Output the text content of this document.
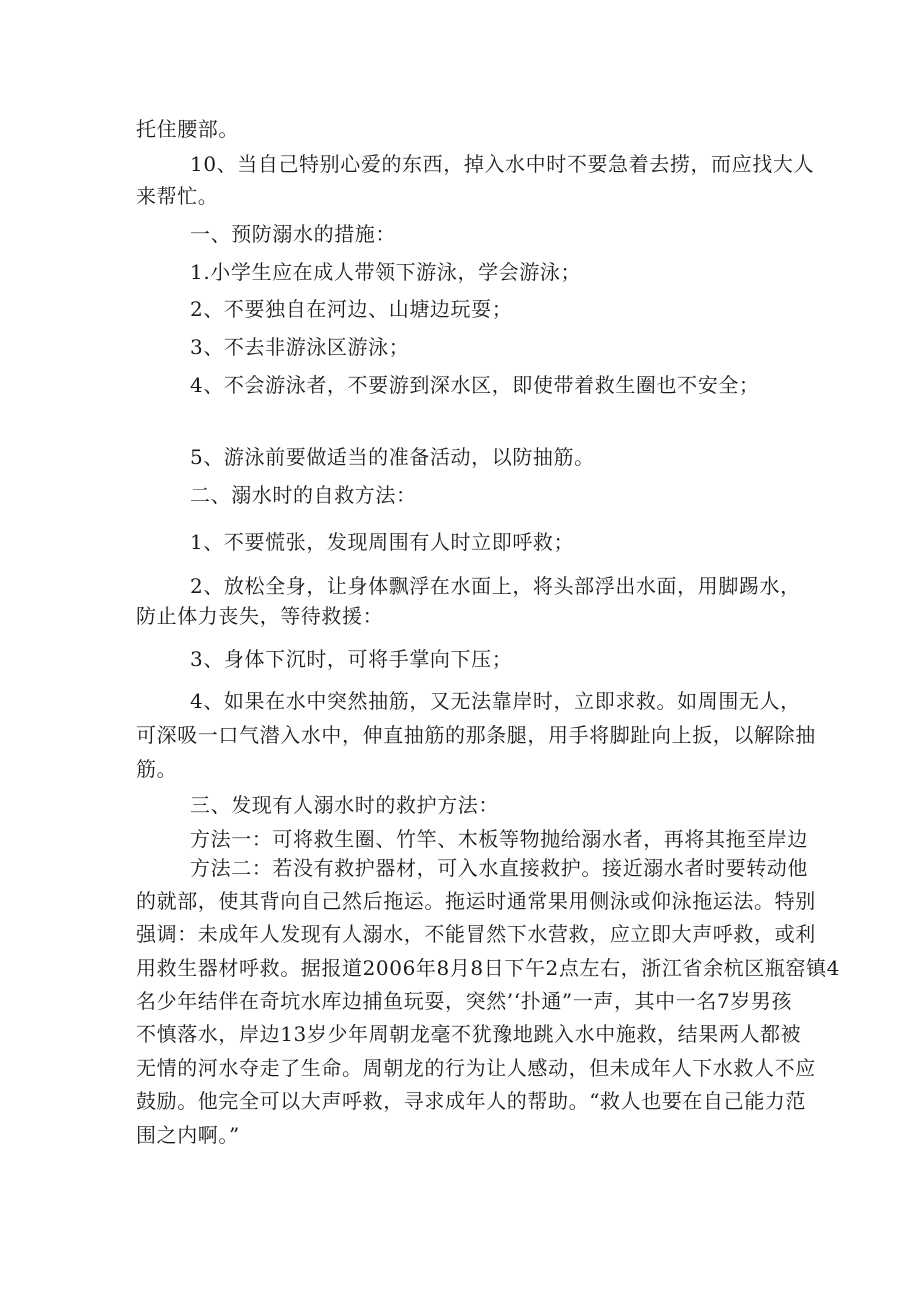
托住腰部。
10、当自己特别心爱的东西，掉入水中时不要急着去捞，而应找大人
来帮忙。
一、预防溺水的措施：
1.小学生应在成人带领下游泳，学会游泳；
2、不要独自在河边、山塘边玩耍；
3、不去非游泳区游泳；
4、不会游泳者，不要游到深水区，即使带着救生圈也不安全；
5、游泳前要做适当的准备活动，以防抽筋。
二、溺水时的自救方法：
1、不要慌张，发现周围有人时立即呼救；
2、放松全身，让身体飘浮在水面上，将头部浮出水面，用脚踢水，
防止体力丧失，等待救援：
3、身体下沉时，可将手掌向下压；
4、如果在水中突然抽筋，又无法靠岸时，立即求救。如周围无人，
可深吸一口气潜入水中，伸直抽筋的那条腿，用手将脚趾向上扳，以解除抽
筋。
三、发现有人溺水时的救护方法：
方法一：可将救生圈、竹竿、木板等物抛给溺水者，再将其拖至岸边
方法二：若没有救护器材，可入水直接救护。接近溺水者时要转动他
的就部，使其背向自己然后拖运。拖运时通常果用侧泳或仰泳拖运法。特别
强调：未成年人发现有人溺水，不能冒然下水营救，应立即大声呼救，或利
用救生器材呼救。据报道2006年8月8日下午2点左右，浙江省余杭区瓶窑镇4
名少年结伴在奇坑水库边捕鱼玩耍，突然’‘扑通”一声，其中一名7岁男孩
不慎落水，岸边13岁少年周朝龙毫不犹豫地跳入水中施救，结果两人都被
无情的河水夺走了生命。周朝龙的行为让人感动，但未成年人下水救人不应
鼓励。他完全可以大声呼救，寻求成年人的帮助。“救人也要在自己能力范
围之内啊。”
